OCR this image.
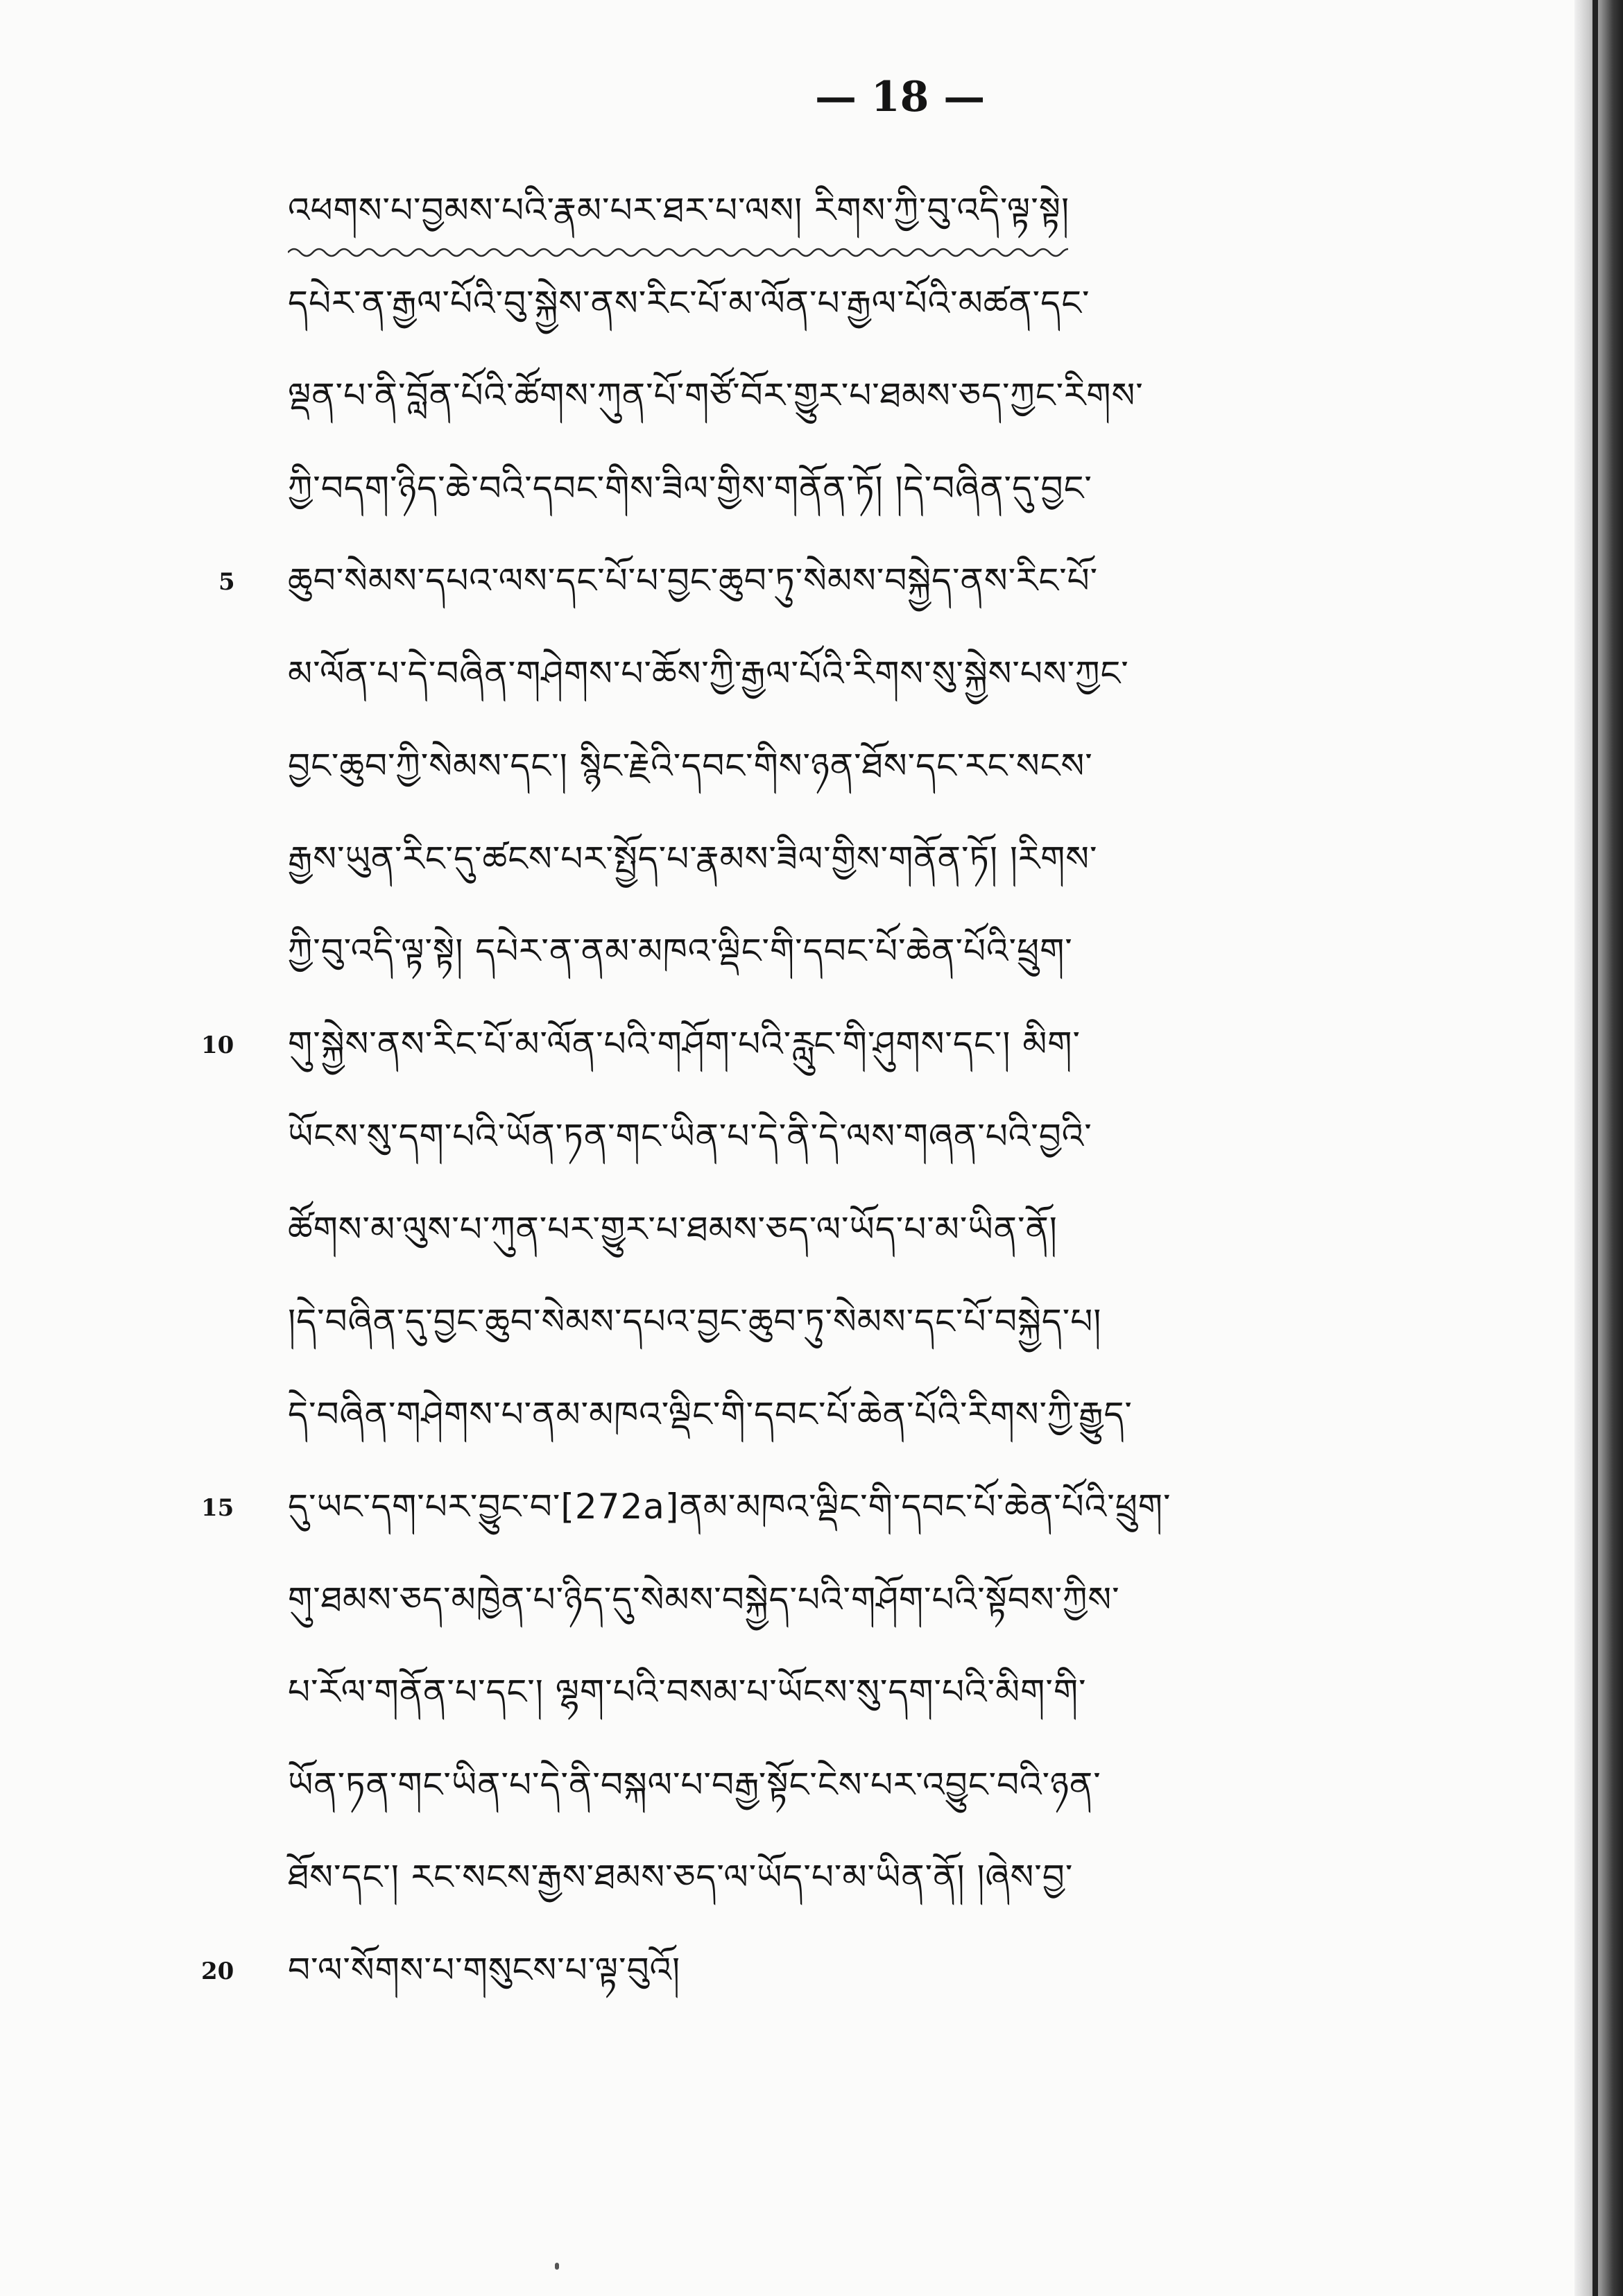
— 18 —
འཕགས་པ་བྱམས་པའི་རྣམ་པར་ཐར་པ་ལས། རིགས་ཀྱི་བུ་འདི་ལྟ་སྟེ།
དཔེར་ན་རྒྱལ་པོའི་བུ་སྐྱེས་ནས་རིང་པོ་མ་ལོན་པ་རྒྱལ་པོའི་མཚན་དང་
ལྡན་པ་ནི་བློན་པོའི་ཚོགས་ཀུན་པོ་གཙོ་བོར་གྱུར་པ་ཐམས་ཅད་ཀྱང་རིགས་
ཀྱི་བདག་ཉིད་ཆེ་བའི་དབང་གིས་ཟིལ་གྱིས་གནོན་ཏོ། །དེ་བཞིན་དུ་བྱང་
5 ཆུབ་སེམས་དཔའ་ལས་དང་པོ་པ་བྱང་ཆུབ་ཏུ་སེམས་བསྐྱེད་ནས་རིང་པོ་
མ་ལོན་པ་དེ་བཞིན་གཤེགས་པ་ཆོས་ཀྱི་རྒྱལ་པོའི་རིགས་སུ་སྐྱེས་པས་ཀྱང་
བྱང་ཆུབ་ཀྱི་སེམས་དང་། སྙིང་རྗེའི་དབང་གིས་ཉན་ཐོས་དང་རང་སངས་
རྒྱས་ཡུན་རིང་དུ་ཚངས་པར་སྤྱོད་པ་རྣམས་ཟིལ་གྱིས་གནོན་ཏོ། །རིགས་
ཀྱི་བུ་འདི་ལྟ་སྟེ། དཔེར་ན་ནམ་མཁའ་ལྡིང་གི་དབང་པོ་ཆེན་པོའི་ཕྲུག་
10 གུ་སྐྱེས་ནས་རིང་པོ་མ་ལོན་པའི་གཤོག་པའི་རླུང་གི་ཤུགས་དང་། མིག་
ཡོངས་སུ་དག་པའི་ཡོན་ཏན་གང་ཡིན་པ་དེ་ནི་དེ་ལས་གཞན་པའི་བྱའི་
ཚོགས་མ་ལུས་པ་ཀུན་པར་གྱུར་པ་ཐམས་ཅད་ལ་ཡོད་པ་མ་ཡིན་ནོ།
།དེ་བཞིན་དུ་བྱང་ཆུབ་སེམས་དཔའ་བྱང་ཆུབ་ཏུ་སེམས་དང་པོ་བསྐྱེད་པ།
དེ་བཞིན་གཤེགས་པ་ནམ་མཁའ་ལྡིང་གི་དབང་པོ་ཆེན་པོའི་རིགས་ཀྱི་རྒྱུད་
15 དུ་ཡང་དག་པར་བྱུང་བ་[272a]ནམ་མཁའ་ལྡིང་གི་དབང་པོ་ཆེན་པོའི་ཕྲུག་
གུ་ཐམས་ཅད་མཁྱེན་པ་ཉིད་དུ་སེམས་བསྐྱེད་པའི་གཤོག་པའི་སྟོབས་ཀྱིས་
པ་རོལ་གནོན་པ་དང་། ལྷག་པའི་བསམ་པ་ཡོངས་སུ་དག་པའི་མིག་གི་
ཡོན་ཏན་གང་ཡིན་པ་དེ་ནི་བསྐལ་པ་བརྒྱ་སྟོང་ངེས་པར་འབྱུང་བའི་ཉན་
ཐོས་དང་། རང་སངས་རྒྱས་ཐམས་ཅད་ལ་ཡོད་པ་མ་ཡིན་ནོ། །ཞེས་བྱ་
20 བ་ལ་སོགས་པ་གསུངས་པ་ལྟ་བུའོ།
